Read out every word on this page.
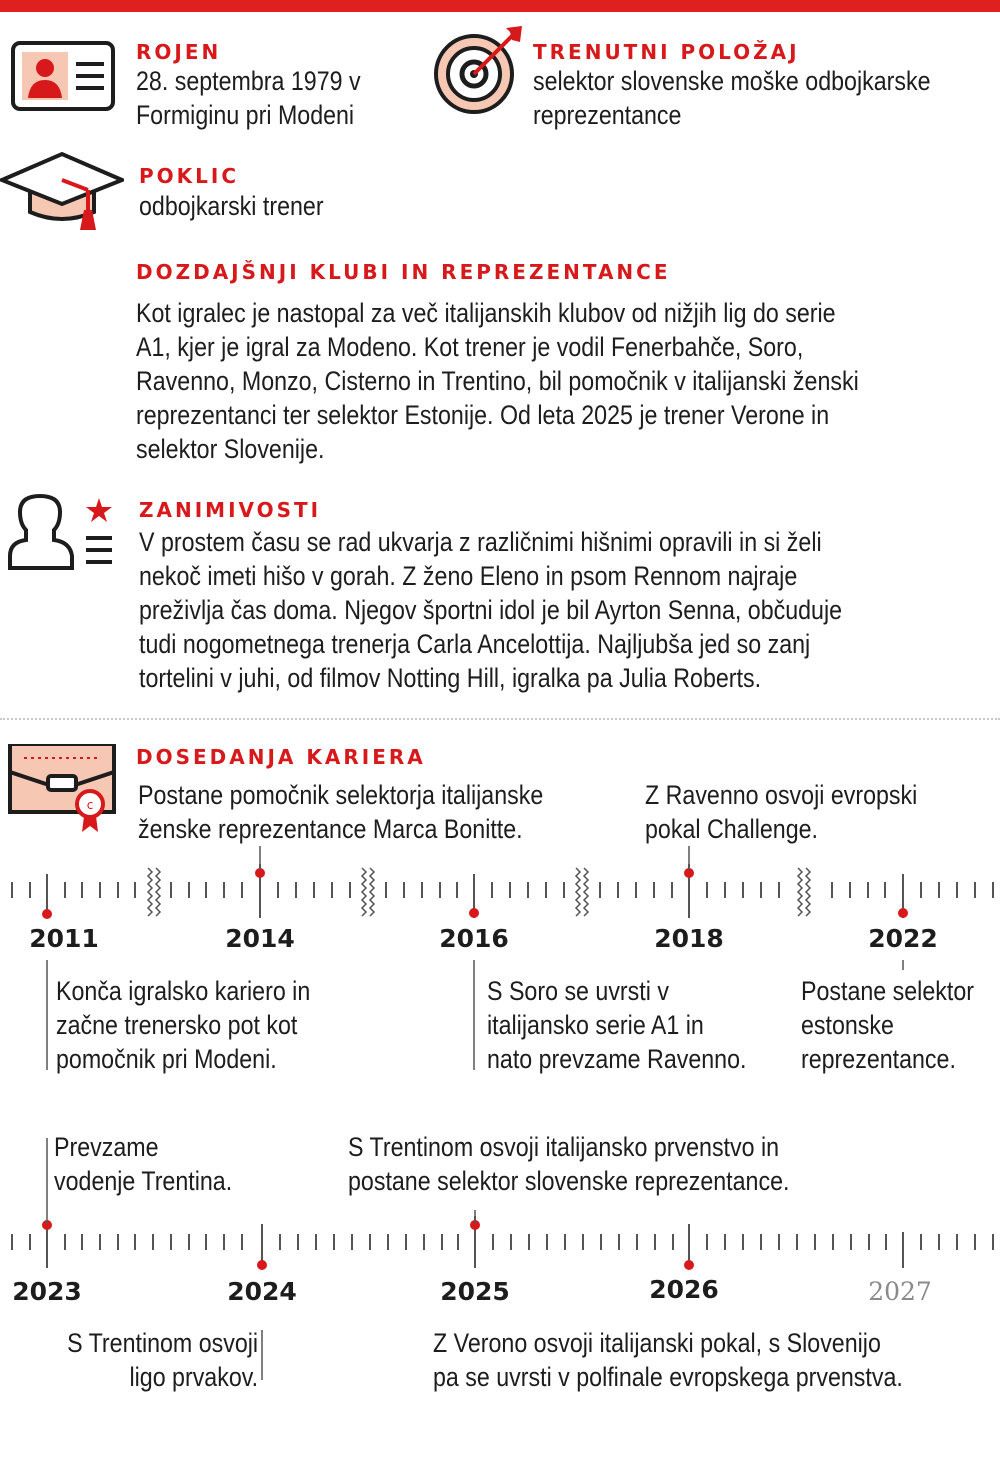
ROJEN
28. septembra 1979 v
Formiginu pri Modeni
TRENUTNI POLOŽAJ
selektor slovenske moške odbojkarske
reprezentance
POKLIC
odbojkarski trener
DOZDAJŠNJI KLUBI IN REPREZENTANCE
Kot igralec je nastopal za več italijanskih klubov od nižjih lig do serie
A1, kjer je igral za Modeno. Kot trener je vodil Fenerbahče, Soro,
Ravenno, Monzo, Cisterno in Trentino, bil pomočnik v italijanski ženski
reprezentanci ter selektor Estonije. Od leta 2025 je trener Verone in
selektor Slovenije.
ZANIMIVOSTI
V prostem času se rad ukvarja z različnimi hišnimi opravili in si želi
nekoč imeti hišo v gorah. Z ženo Eleno in psom Rennom najraje
preživlja čas doma. Njegov športni idol je bil Ayrton Senna, občuduje
tudi nogometnega trenerja Carla Ancelottija. Najljubša jed so zanj
tortelini v juhi, od filmov Notting Hill, igralka pa Julia Roberts.
c
DOSEDANJA KARIERA
2011	2014	2016	2018	2022
Postane pomočnik selektorja italijanske
ženske reprezentance Marca Bonitte.
Z Ravenno osvoji evropski
pokal Challenge.
Konča igralsko kariero in
začne trenersko pot kot
pomočnik pri Modeni.
S Soro se uvrsti v
italijansko serie A1 in
nato prevzame Ravenno.
Postane selektor
estonske
reprezentance.
2023	2024	2025	2026	2027
Prevzame
vodenje Trentina.
S Trentinom osvoji italijansko prvenstvo in
postane selektor slovenske reprezentance.
S Trentinom osvoji
ligo prvakov.
Z Verono osvoji italijanski pokal, s Slovenijo
pa se uvrsti v polfinale evropskega prvenstva.
